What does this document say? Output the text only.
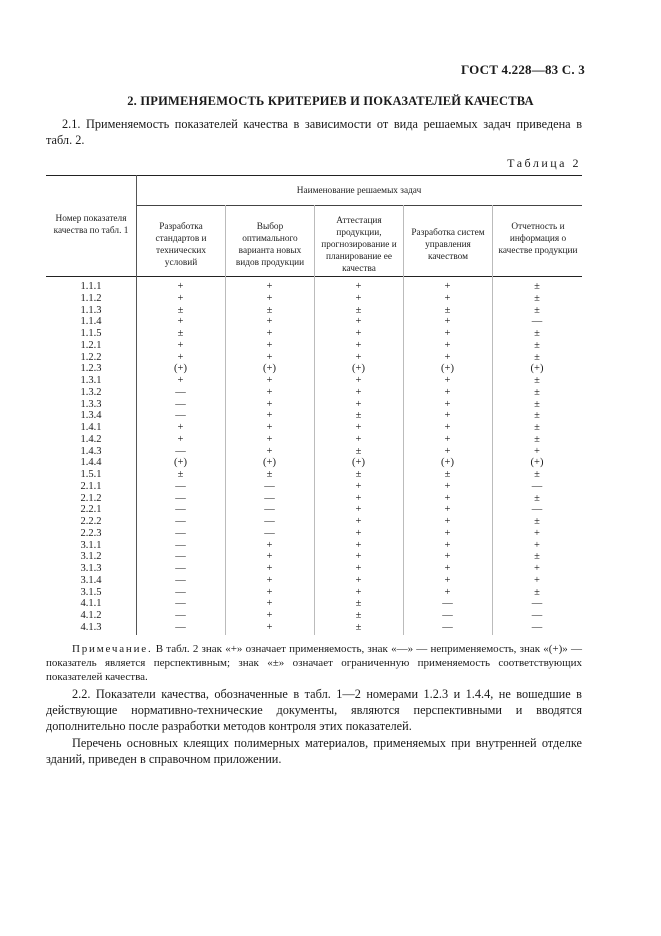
ГОСТ 4.228—83 С. 3
2. ПРИМЕНЯЕМОСТЬ КРИТЕРИЕВ И ПОКАЗАТЕЛЕЙ КАЧЕСТВА
2.1. Применяемость показателей качества в зависимости от вида решаемых задач приведена в табл. 2.
Таблица 2
Номер показателя качества по табл. 1
Наименование решаемых задач
Разработка стандартов и технических условий
Выбор оптимального варианта новых видов продукции
Аттестация продукции, прогнозирование и планирование ее качества
Разработка систем управления качеством
Отчетность и информация о качестве продукции
1.1.1	+	+	+	+	±
1.1.2	+	+	+	+	±
1.1.3	±	±	±	±	±
1.1.4	+	+	+	+	—
1.1.5	±	+	+	+	±
1.2.1	+	+	+	+	±
1.2.2	+	+	+	+	±
1.2.3	(+)	(+)	(+)	(+)	(+)
1.3.1	+	+	+	+	±
1.3.2	—	+	+	+	±
1.3.3	—	+	+	+	±
1.3.4	—	+	±	+	±
1.4.1	+	+	+	+	±
1.4.2	+	+	+	+	±
1.4.3	—	+	±	+	+
1.4.4	(+)	(+)	(+)	(+)	(+)
1.5.1	±	±	±	±	±
2.1.1	—	—	+	+	—
2.1.2	—	—	+	+	±
2.2.1	—	—	+	+	—
2.2.2	—	—	+	+	±
2.2.3	—	—	+	+	+
3.1.1	—	+	+	+	+
3.1.2	—	+	+	+	±
3.1.3	—	+	+	+	+
3.1.4	—	+	+	+	+
3.1.5	—	+	+	+	±
4.1.1	—	+	±	—	—
4.1.2	—	+	±	—	—
4.1.3	—	+	±	—	—
Примечание. В табл. 2 знак «+» означает применяемость, знак «—» — неприменяемость, знак «(+)» — показатель является перспективным; знак «±» означает ограниченную применяемость соответствующих показателей качества.
2.2. Показатели качества, обозначенные в табл. 1—2 номерами 1.2.3 и 1.4.4, не вошедшие в действующие нормативно-технические документы, являются перспективными и вводятся дополнительно после разработки методов контроля этих показателей.
Перечень основных клеящих полимерных материалов, применяемых при внутренней отделке зданий, приведен в справочном приложении.
